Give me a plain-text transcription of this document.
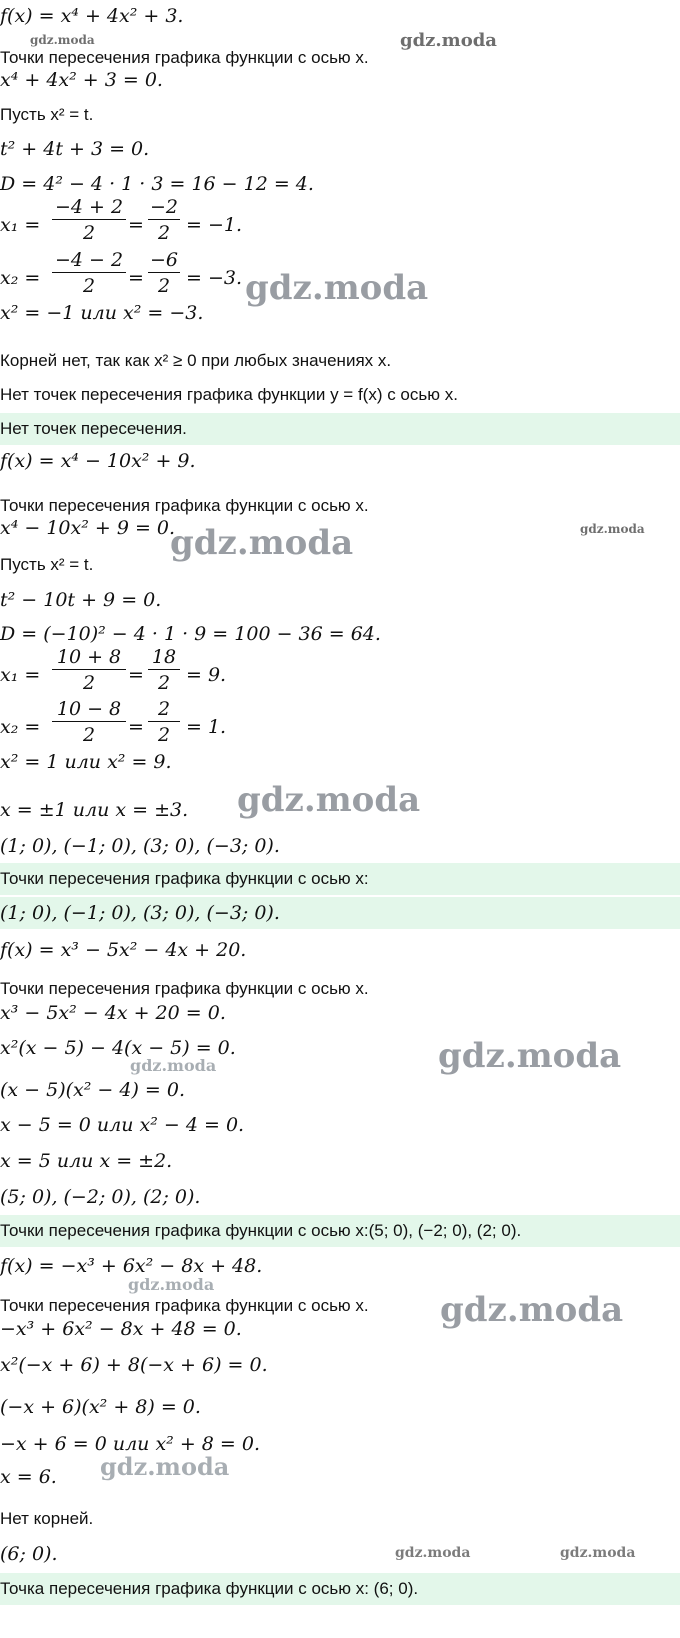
f(x) = x⁴ + 4x² + 3.
Точки пересечения графика функции с осью x.
x⁴ + 4x² + 3 = 0.
Пусть x² = t.
t² + 4t + 3 = 0.
D = 4² − 4 · 1 · 3 = 16 − 12 = 4.
$x_1 = \frac{-4 + 2}{2} = \frac{-2}{2} = -1$.
$x_2 = \frac{-4 - 2}{2} = \frac{-6}{2} = -3$.
x² = −1 или x² = −3.
Корней нет, так как x² ≥ 0 при любых значениях x.
Нет точек пересечения графика функции y = f(x) с осью x.
Нет точек пересечения.
f(x) = x⁴ − 10x² + 9.
Точки пересечения графика функции с осью x.
x⁴ − 10x² + 9 = 0.
Пусть x² = t.
t² − 10t + 9 = 0.
D = (−10)² − 4 · 1 · 9 = 100 − 36 = 64.
$x_1 = \frac{10 + 8}{2} = \frac{18}{2} = 9$.
$x_2 = \frac{10 - 8}{2} = \frac{2}{2} = 1$.
x² = 1 или x² = 9.
x = ±1 или x = ±3.
(1; 0), (−1; 0), (3; 0), (−3; 0).
Точки пересечения графика функции с осью x:
(1; 0), (−1; 0), (3; 0), (−3; 0).
f(x) = x³ − 5x² − 4x + 20.
Точки пересечения графика функции с осью x.
x³ − 5x² − 4x + 20 = 0.
x²(x − 5) − 4(x − 5) = 0.
(x − 5)(x² − 4) = 0.
x − 5 = 0 или x² − 4 = 0.
x = 5 или x = ±2.
(5; 0), (−2; 0), (2; 0).
Точки пересечения графика функции с осью x:(5; 0), (−2; 0), (2; 0).
f(x) = −x³ + 6x² − 8x + 48.
Точки пересечения графика функции с осью x.
−x³ + 6x² − 8x + 48 = 0.
x²(−x + 6) + 8(−x + 6) = 0.
(−x + 6)(x² + 8) = 0.
−x + 6 = 0 или x² + 8 = 0.
x = 6.
Нет корней.
(6; 0).
Точка пересечения графика функции с осью x: (6; 0).
gdz.moda	gdz.moda
gdz.moda
gdz.moda	gdz.moda
gdz.moda
gdz.moda
gdz.moda
gdz.moda
gdz.moda
gdz.moda
gdz.moda	gdz.moda
